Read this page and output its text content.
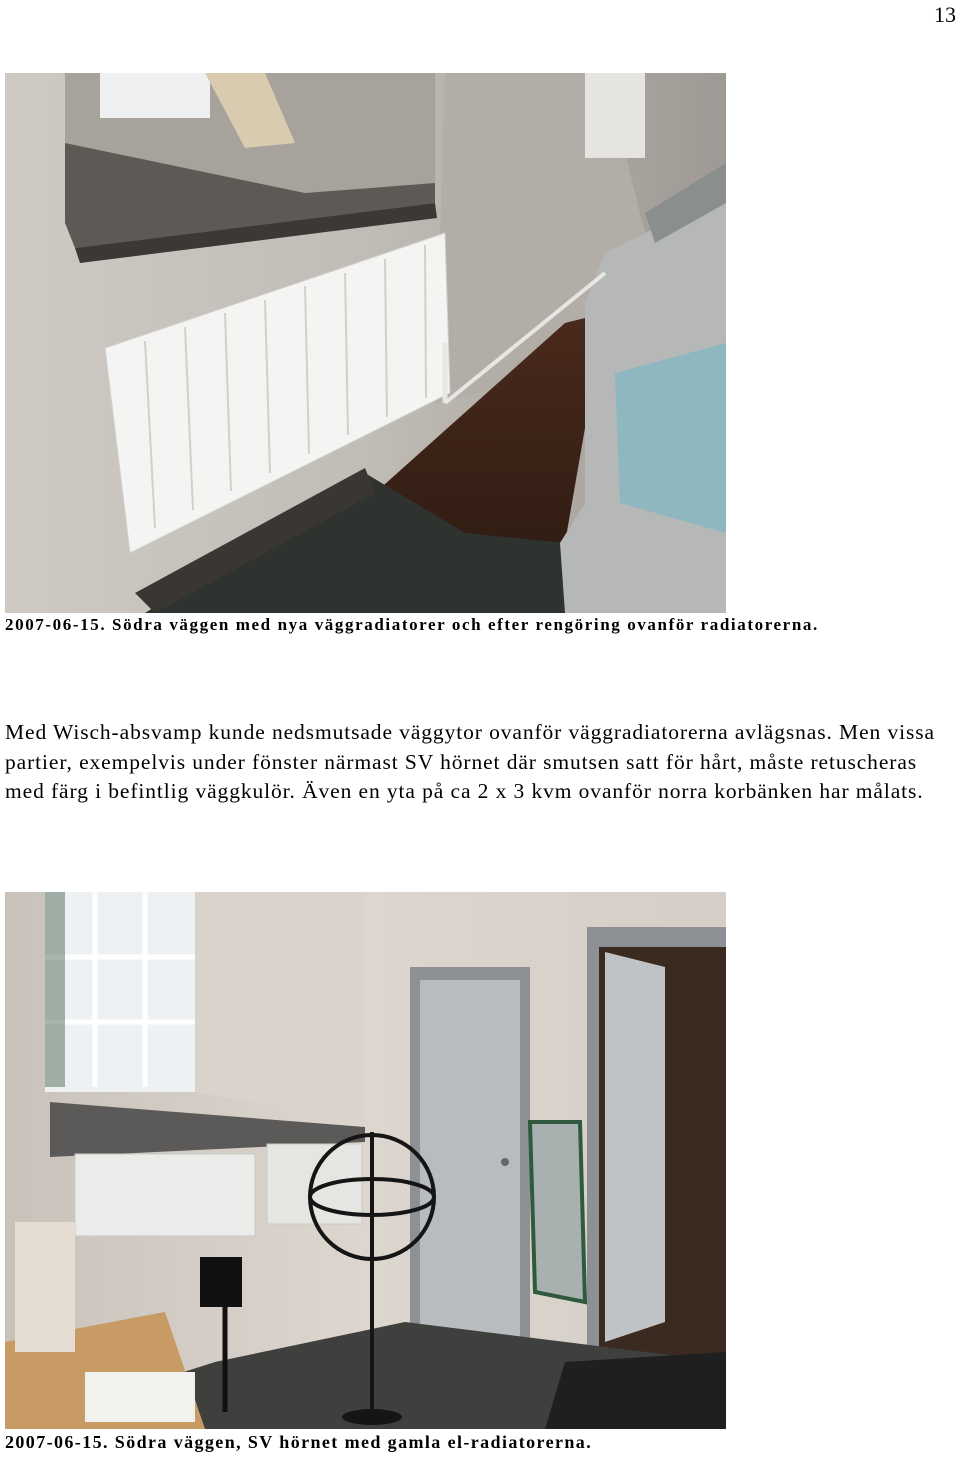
13
2007-06-15. Södra väggen med nya väggradiatorer och efter rengöring ovanför radiatorerna.

Med Wisch-absvamp kunde nedsmutsade väggytor ovanför väggradiatorerna avlägsnas. Men vissa partier, exempelvis under fönster närmast SV hörnet där smutsen satt för hårt, måste retuscheras med färg i befintlig väggkulör. Även en yta på ca 2 x 3 kvm ovanför norra korbänken har målats.

2007-06-15. Södra väggen, SV hörnet med gamla el-radiatorerna.
